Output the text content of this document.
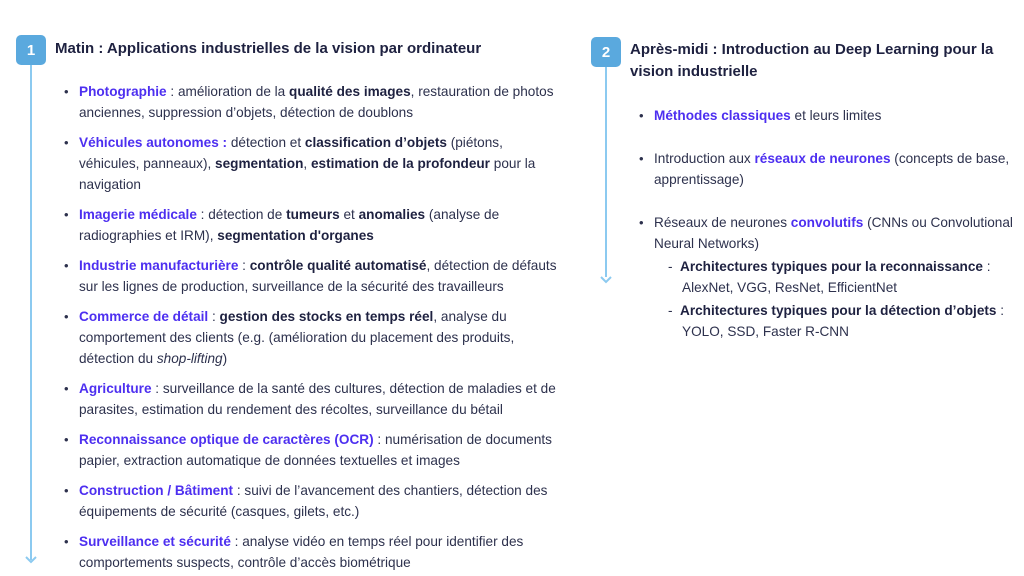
1	Matin : Applications industrielles de la vision par ordinateur
• Photographie : amélioration de la qualité des images, restauration de photos anciennes, suppression d’objets, détection de doublons
• Véhicules autonomes : détection et classification d’objets (piétons, véhicules, panneaux), segmentation, estimation de la profondeur pour la navigation
• Imagerie médicale : détection de tumeurs et anomalies (analyse de radiographies et IRM), segmentation d'organes
• Industrie manufacturière : contrôle qualité automatisé, détection de défauts sur les lignes de production, surveillance de la sécurité des travailleurs
• Commerce de détail : gestion des stocks en temps réel, analyse du comportement des clients (e.g. (amélioration du placement des produits, détection du shop-lifting)
• Agriculture : surveillance de la santé des cultures, détection de maladies et de parasites, estimation du rendement des récoltes, surveillance du bétail
• Reconnaissance optique de caractères (OCR) : numérisation de documents papier, extraction automatique de données textuelles et images
• Construction / Bâtiment : suivi de l’avancement des chantiers, détection des équipements de sécurité (casques, gilets, etc.)
• Surveillance et sécurité : analyse vidéo en temps réel pour identifier des comportements suspects, contrôle d’accès biométrique
2	Après-midi : Introduction au Deep Learning pour la vision industrielle
• Méthodes classiques et leurs limites
• Introduction aux réseaux de neurones (concepts de base, apprentissage)
• Réseaux de neurones convolutifs (CNNs ou Convolutional Neural Networks)
- Architectures typiques pour la reconnaissance :
AlexNet, VGG, ResNet, EfficientNet
- Architectures typiques pour la détection d’objets :
YOLO, SSD, Faster R-CNN
